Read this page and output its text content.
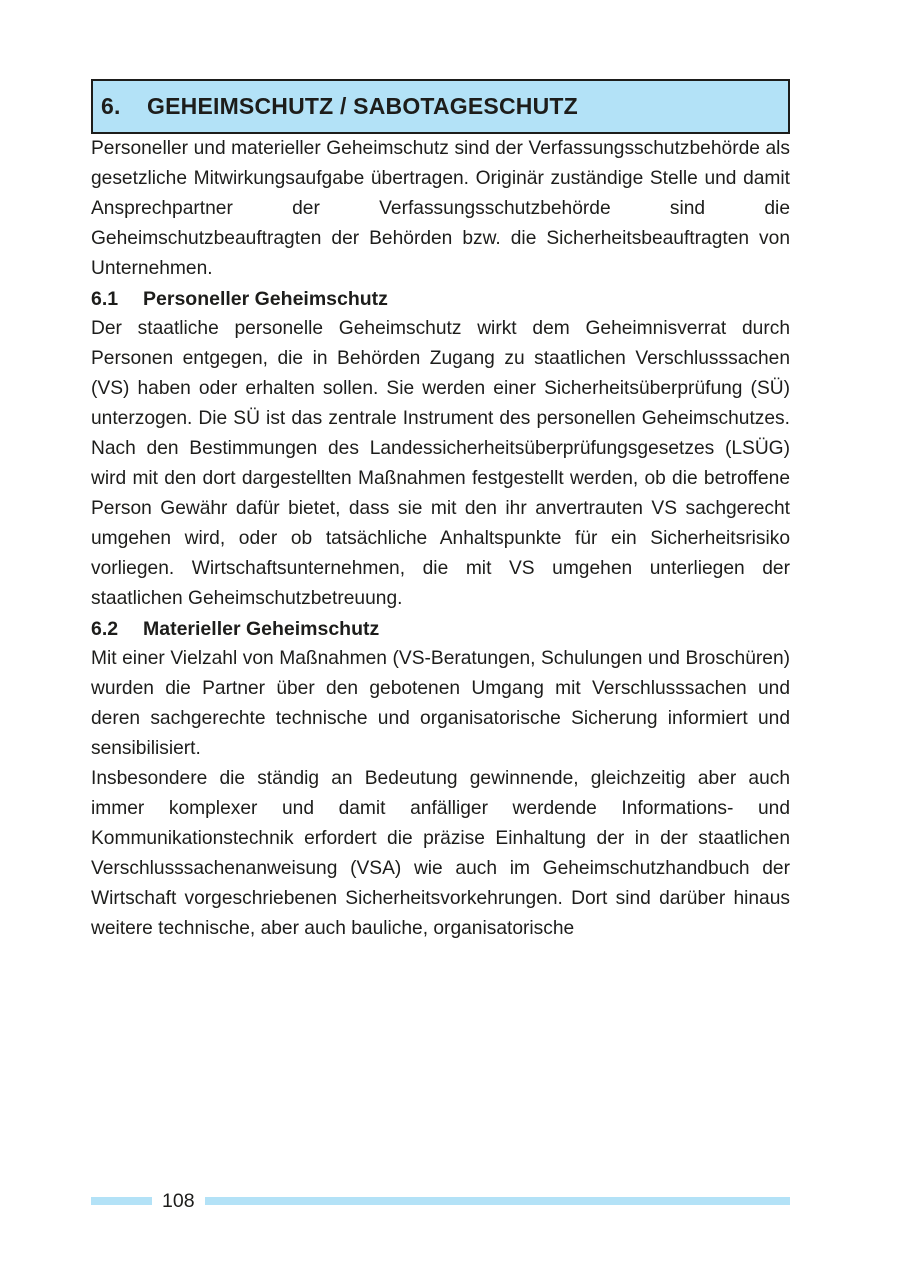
6.	GEHEIMSCHUTZ / SABOTAGESCHUTZ

Personeller und materieller Geheimschutz sind der Verfassungsschutzbehörde als gesetzliche Mitwirkungsaufgabe übertragen. Originär zuständige Stelle und damit Ansprechpartner der Verfassungsschutzbehörde sind die Geheimschutzbeauftragten der Behörden bzw. die Sicherheitsbeauftragten von Unternehmen.

6.1 Personeller Geheimschutz

Der staatliche personelle Geheimschutz wirkt dem Geheimnisverrat durch Personen entgegen, die in Behörden Zugang zu staatlichen Verschlusssachen (VS) haben oder erhalten sollen. Sie werden einer Sicherheitsüberprüfung (SÜ) unterzogen. Die SÜ ist das zentrale Instrument des personellen Geheimschutzes. Nach den Bestimmungen des Landessicherheitsüberprüfungsgesetzes (LSÜG) wird mit den dort dargestellten Maßnahmen festgestellt werden, ob die betroffene Person Gewähr dafür bietet, dass sie mit den ihr anvertrauten VS sachgerecht umgehen wird, oder ob tatsächliche Anhaltspunkte für ein Sicherheitsrisiko vorliegen. Wirtschaftsunternehmen, die mit VS umgehen unterliegen der staatlichen Geheimschutzbetreuung.

6.2 Materieller Geheimschutz

Mit einer Vielzahl von Maßnahmen (VS-Beratungen, Schulungen und Broschüren) wurden die Partner über den gebotenen Umgang mit Verschlusssachen und deren sachgerechte technische und organisatorische Sicherung informiert und sensibilisiert.

Insbesondere die ständig an Bedeutung gewinnende, gleichzeitig aber auch immer komplexer und damit anfälliger werdende Informations- und Kommunikationstechnik erfordert die präzise Einhaltung der in der staatlichen Verschlusssachenanweisung (VSA) wie auch im Geheimschutzhandbuch der Wirtschaft vorgeschriebenen Sicherheitsvorkehrungen. Dort sind darüber hinaus weitere technische, aber auch bauliche, organisatorische

108
